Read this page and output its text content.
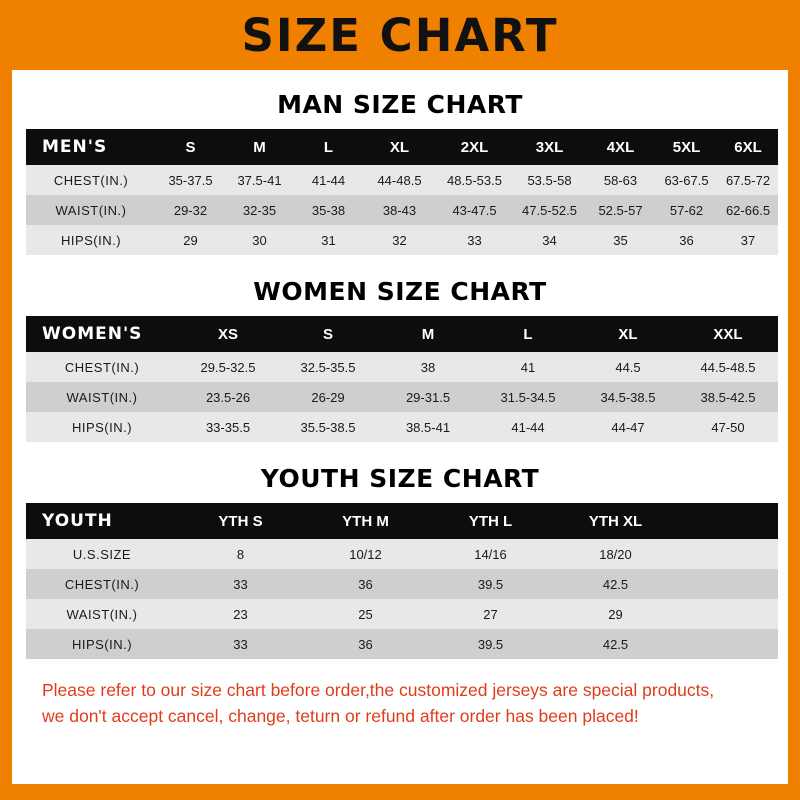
SIZE CHART
MAN SIZE CHART
MEN'S	S	M	L	XL	2XL	3XL	4XL	5XL	6XL
CHEST(IN.)	35-37.5	37.5-41	41-44	44-48.5	48.5-53.5	53.5-58	58-63	63-67.5	67.5-72
WAIST(IN.)	29-32	32-35	35-38	38-43	43-47.5	47.5-52.5	52.5-57	57-62	62-66.5
HIPS(IN.)	29	30	31	32	33	34	35	36	37
WOMEN SIZE CHART
WOMEN'S	XS	S	M	L	XL	XXL
CHEST(IN.)	29.5-32.5	32.5-35.5	38	41	44.5	44.5-48.5
WAIST(IN.)	23.5-26	26-29	29-31.5	31.5-34.5	34.5-38.5	38.5-42.5
HIPS(IN.)	33-35.5	35.5-38.5	38.5-41	41-44	44-47	47-50
YOUTH SIZE CHART
YOUTH	YTH S	YTH M	YTH L	YTH XL	
U.S.SIZE	8	10/12	14/16	18/20	
CHEST(IN.)	33	36	39.5	42.5	
WAIST(IN.)	23	25	27	29	
HIPS(IN.)	33	36	39.5	42.5	
Please refer to our size chart before order,the customized jerseys are special products,
we don't accept cancel, change, teturn or refund after order has been placed!
